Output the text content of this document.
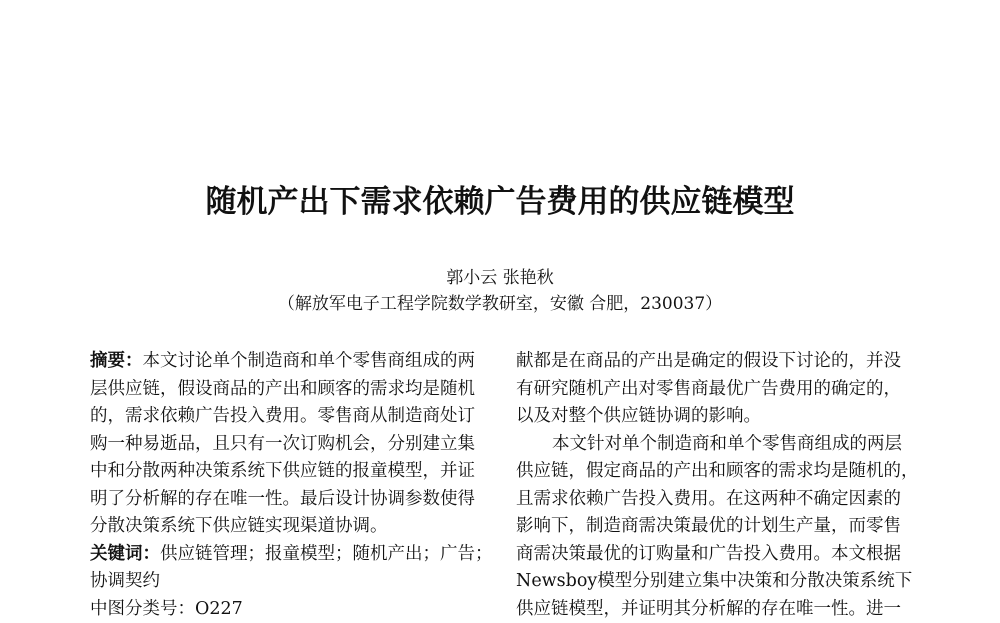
随机产出下需求依赖广告费用的供应链模型
郭小云 张艳秋
（解放军电子工程学院数学教研室，安徽 合肥，230037）
摘要：本文讨论单个制造商和单个零售商组成的两
层供应链，假设商品的产出和顾客的需求均是随机
的，需求依赖广告投入费用。零售商从制造商处订
购一种易逝品，且只有一次订购机会，分别建立集
中和分散两种决策系统下供应链的报童模型，并证
明了分析解的存在唯一性。最后设计协调参数使得
分散决策系统下供应链实现渠道协调。
关键词：供应链管理；报童模型；随机产出；广告；
协调契约
中图分类号：O227
献都是在商品的产出是确定的假设下讨论的，并没
有研究随机产出对零售商最优广告费用的确定的，
以及对整个供应链协调的影响。
本文针对单个制造商和单个零售商组成的两层
供应链，假定商品的产出和顾客的需求均是随机的，
且需求依赖广告投入费用。在这两种不确定因素的
影响下，制造商需决策最优的计划生产量，而零售
商需决策最优的订购量和广告投入费用。本文根据
Newsboy模型分别建立集中决策和分散决策系统下
供应链模型，并证明其分析解的存在唯一性。进一
